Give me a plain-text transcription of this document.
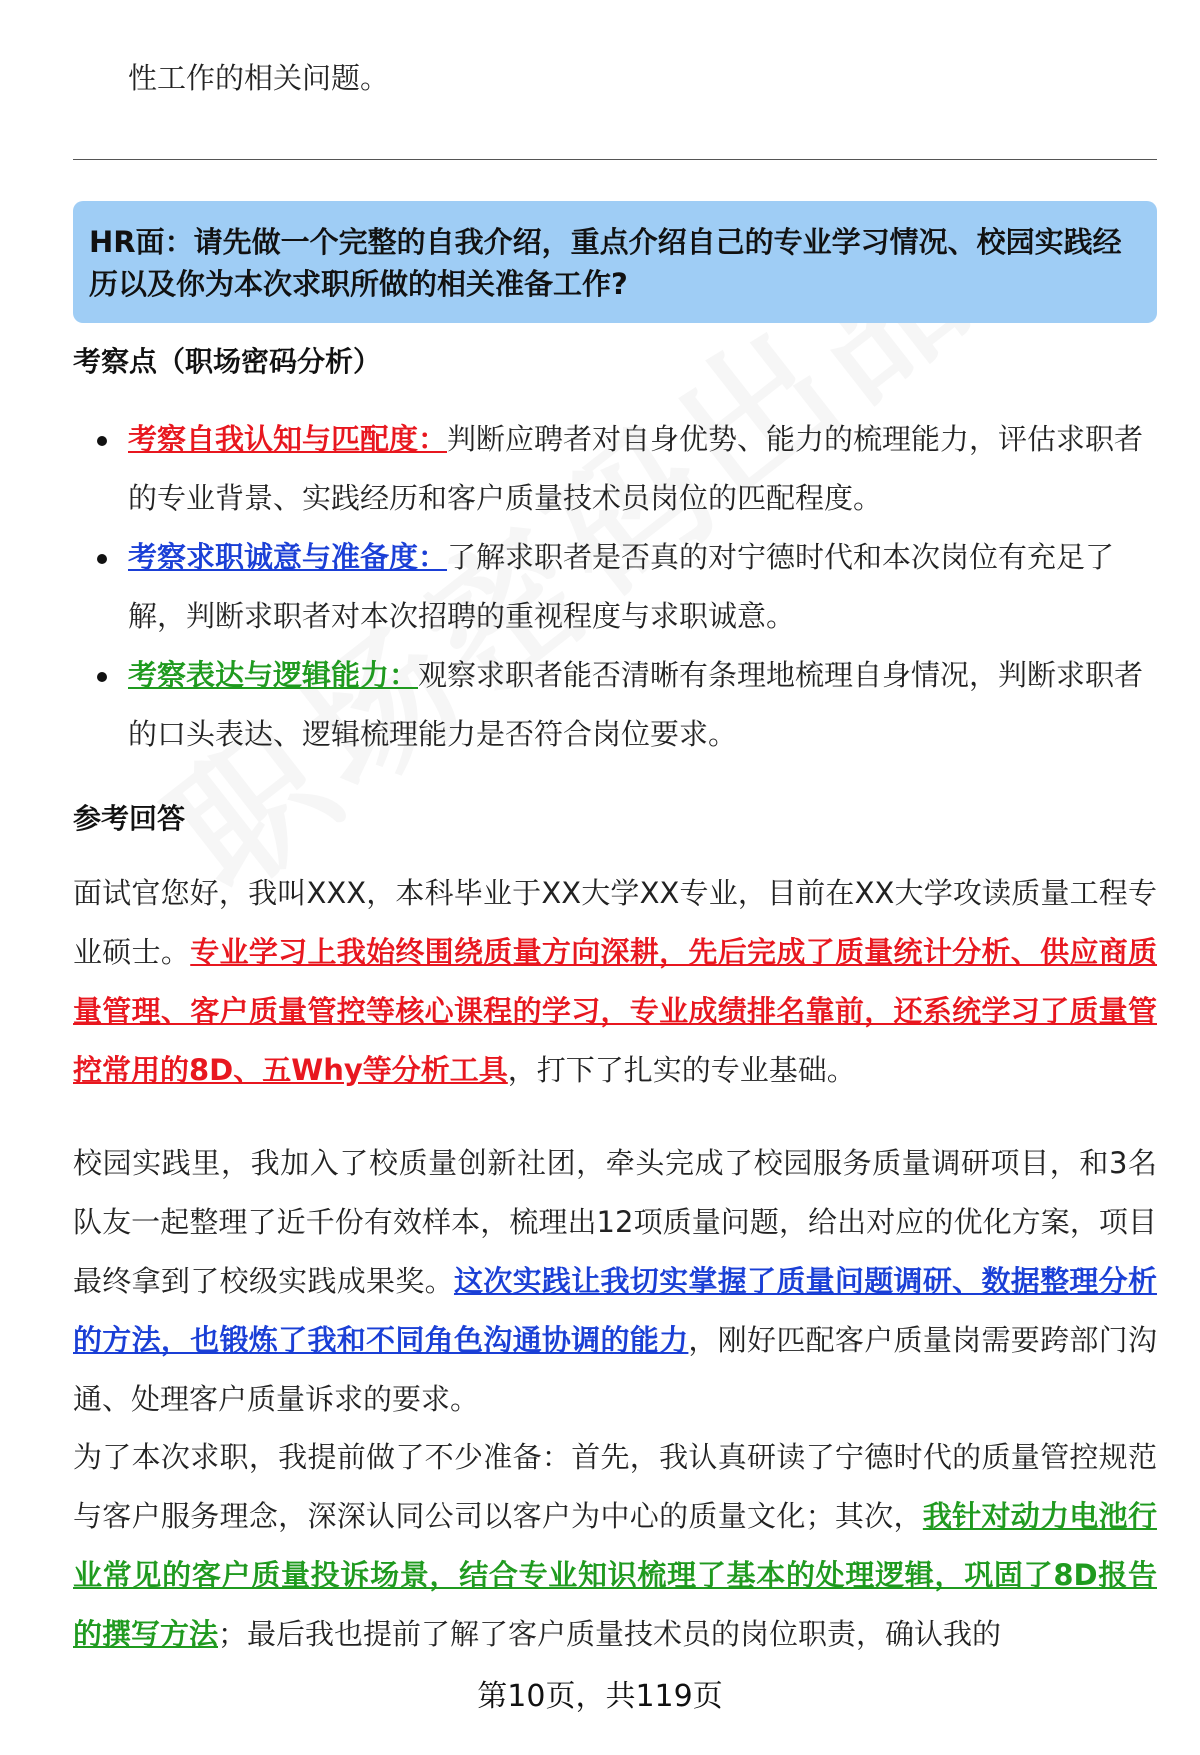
性工作的相关问题。
HR面：请先做一个完整的自我介绍，重点介绍自己的专业学习情况、校园实践经历以及你为本次求职所做的相关准备工作?
考察点（职场密码分析）
考察自我认知与匹配度：判断应聘者对自身优势、能力的梳理能力，评估求职者的专业背景、实践经历和客户质量技术员岗位的匹配程度。
考察求职诚意与准备度：了解求职者是否真的对宁德时代和本次岗位有充足了解，判断求职者对本次招聘的重视程度与求职诚意。
考察表达与逻辑能力：观察求职者能否清晰有条理地梳理自身情况，判断求职者的口头表达、逻辑梳理能力是否符合岗位要求。
参考回答
面试官您好，我叫XXX，本科毕业于XX大学XX专业，目前在XX大学攻读质量工程专业硕士。专业学习上我始终围绕质量方向深耕，先后完成了质量统计分析、供应商质量管理、客户质量管控等核心课程的学习，专业成绩排名靠前，还系统学习了质量管控常用的8D、五Why等分析工具，打下了扎实的专业基础。
校园实践里，我加入了校质量创新社团，牵头完成了校园服务质量调研项目，和3名队友一起整理了近千份有效样本，梳理出12项质量问题，给出对应的优化方案，项目最终拿到了校级实践成果奖。这次实践让我切实掌握了质量问题调研、数据整理分析的方法，也锻炼了我和不同角色沟通协调的能力，刚好匹配客户质量岗需要跨部门沟通、处理客户质量诉求的要求。
为了本次求职，我提前做了不少准备：首先，我认真研读了宁德时代的质量管控规范与客户服务理念，深深认同公司以客户为中心的质量文化；其次，我针对动力电池行业常见的客户质量投诉场景，结合专业知识梳理了基本的处理逻辑，巩固了8D报告的撰写方法；最后我也提前了解了客户质量技术员的岗位职责，确认我的
第10页，共119页
